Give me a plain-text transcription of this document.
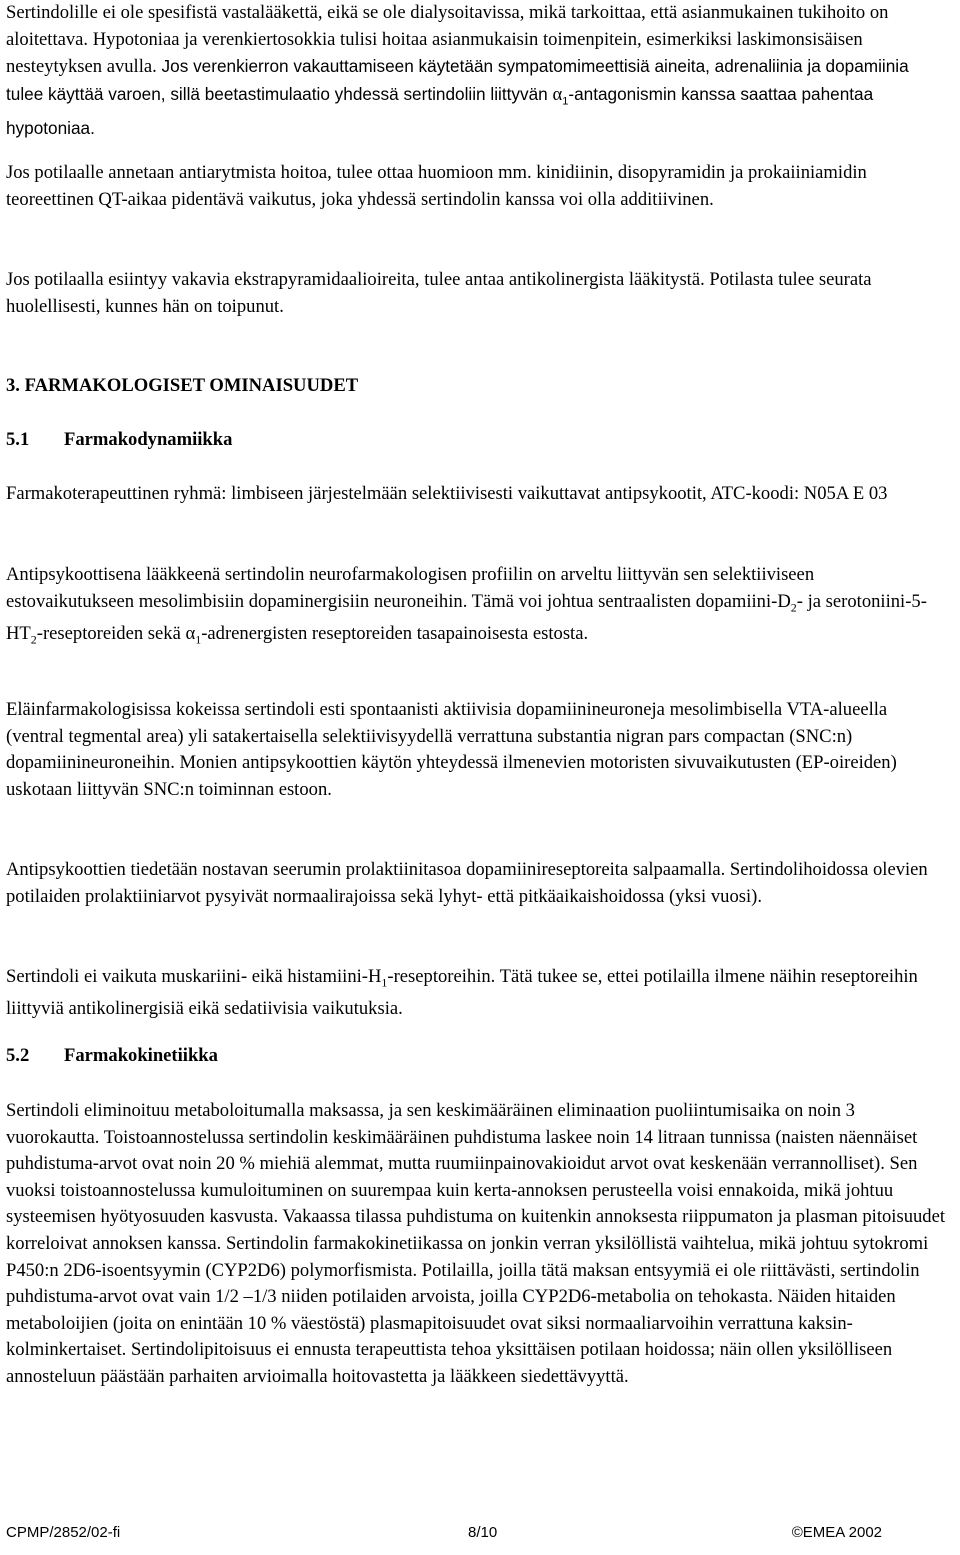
Sertindolille ei ole spesifistä vastalääkettä, eikä se ole dialysoitavissa, mikä tarkoittaa, että asianmukainen tukihoito on aloitettava. Hypotoniaa ja verenkiertosokkia tulisi hoitaa asianmukaisin toimenpitein, esimerkiksi laskimonsisäisen nesteytyksen avulla. Jos verenkierron vakauttamiseen käytetään sympatomimeettisiä aineita, adrenaliinia ja dopamiinia tulee käyttää varoen, sillä beetastimulaatio yhdessä sertindoliin liittyvän $\alpha_1$-antagonismin kanssa saattaa pahentaa hypotoniaa.

Jos potilaalle annetaan antiarytmista hoitoa, tulee ottaa huomioon mm. kinidiinin, disopyramidin ja prokaiiniamidin teoreettinen QT-aikaa pidentävä vaikutus, joka yhdessä sertindolin kanssa voi olla additiivinen.

Jos potilaalla esiintyy vakavia ekstrapyramidaalioireita, tulee antaa antikolinergista lääkitystä. Potilasta tulee seurata huolellisesti, kunnes hän on toipunut.

3. FARMAKOLOGISET OMINAISUUDET
5.1 Farmakodynamiikka

Farmakoterapeuttinen ryhmä: limbiseen järjestelmään selektiivisesti vaikuttavat antipsykootit, ATC-koodi: N05A E 03

Antipsykoottisena lääkkeenä sertindolin neurofarmakologisen profiilin on arveltu liittyvän sen selektiiviseen estovaikutukseen mesolimbisiin dopaminergisiin neuroneihin. Tämä voi johtua sentraalisten dopamiini-$D_2-$ ja serotoniini-$5-HT_2$-reseptoreiden sekä $\alpha_1$-adrenergisten reseptoreiden tasapainoisesta estosta.

Eläinfarmakologisissa kokeissa sertindoli esti spontaanisti aktiivisia dopamiinineuroneja mesolimbisella VTA-alueella (ventral tegmental area) yli satakertaisella selektiivisyydellä verrattuna substantia nigran pars compactan (SNC:n) dopamiinineuroneihin. Monien antipsykoottien käytön yhteydessä ilmenevien motoristen sivuvaikutusten (EP-oireiden) uskotaan liittyvän SNC:n toiminnan estoon.

Antipsykoottien tiedetään nostavan seerumin prolaktiinitasoa dopamiinireseptoreita salpaamalla. Sertindolihoidossa olevien potilaiden prolaktiiniarvot pysyivät normaalirajoissa sekä lyhyt- että pitkäaikaishoidossa (yksi vuosi).

Sertindoli ei vaikuta muskariini- eikä histamiini-$H_1$-reseptoreihin. Tätä tukee se, ettei potilailla ilmene näihin reseptoreihin liittyviä antikolinergisiä eikä sedatiivisia vaikutuksia.

5.2 Farmakokinetiikka

Sertindoli eliminoituu metaboloitumalla maksassa, ja sen keskimääräinen eliminaation puoliintumisaika on noin 3 vuorokautta. Toistoannostelussa sertindolin keskimääräinen puhdistuma laskee noin 14 litraan tunnissa (naisten näennäiset puhdistuma-arvot ovat noin 20 % miehiä alemmat, mutta ruumiinpainovakioidut arvot ovat keskenään verrannolliset). Sen vuoksi toistoannostelussa kumuloituminen on suurempaa kuin kerta-annoksen perusteella voisi ennakoida, mikä johtuu systeemisen hyötyosuuden kasvusta. Vakaassa tilassa puhdistuma on kuitenkin annoksesta riippumaton ja plasman pitoisuudet korreloivat annoksen kanssa. Sertindolin farmakokinetiikassa on jonkin verran yksilöllistä vaihtelua, mikä johtuu sytokromi P450:n 2D6-isoentsyymin (CYP2D6) polymorfismista. Potilailla, joilla tätä maksan entsyymiä ei ole riittävästi, sertindolin puhdistuma-arvot ovat vain 1/2 –1/3 niiden potilaiden arvoista, joilla CYP2D6-metabolia on tehokasta. Näiden hitaiden metaboloijien (joita on enintään 10 % väestöstä) plasmapitoisuudet ovat siksi normaaliarvoihin verrattuna kaksin-kolminkertaiset. Sertindolipitoisuus ei ennusta terapeuttista tehoa yksittäisen potilaan hoidossa; näin ollen yksilölliseen annosteluun päästään parhaiten arvioimalla hoitovastetta ja lääkkeen siedettävyyttä.

CPMP/2852/02-fi	8/10	©EMEA 2002
